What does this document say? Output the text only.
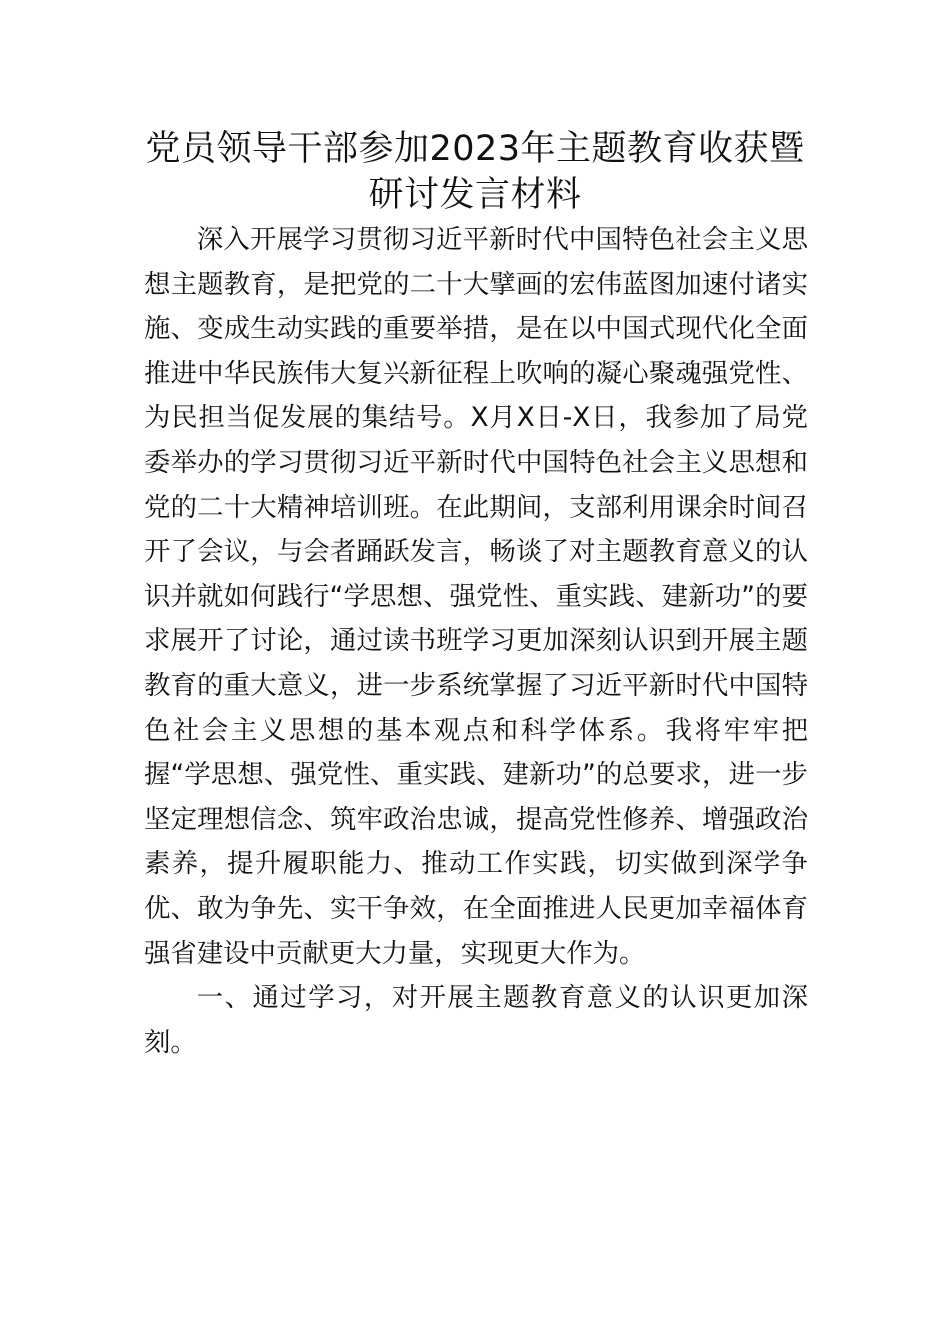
党员领导干部参加2023年主题教育收获暨
研讨发言材料

深入开展学习贯彻习近平新时代中国特色社会主义思想主题教育，是把党的二十大擘画的宏伟蓝图加速付诸实施、变成生动实践的重要举措，是在以中国式现代化全面推进中华民族伟大复兴新征程上吹响的凝心聚魂强党性、为民担当促发展的集结号。X月X日-X日，我参加了局党委举办的学习贯彻习近平新时代中国特色社会主义思想和党的二十大精神培训班。在此期间，支部利用课余时间召开了会议，与会者踊跃发言，畅谈了对主题教育意义的认识并就如何践行“学思想、强党性、重实践、建新功”的要求展开了讨论，通过读书班学习更加深刻认识到开展主题教育的重大意义，进一步系统掌握了习近平新时代中国特色社会主义思想的基本观点和科学体系。我将牢牢把握“学思想、强党性、重实践、建新功”的总要求，进一步坚定理想信念、筑牢政治忠诚，提高党性修养、增强政治素养，提升履职能力、推动工作实践，切实做到深学争优、敢为争先、实干争效，在全面推进人民更加幸福体育强省建设中贡献更大力量，实现更大作为。

一、通过学习，对开展主题教育意义的认识更加深刻。
